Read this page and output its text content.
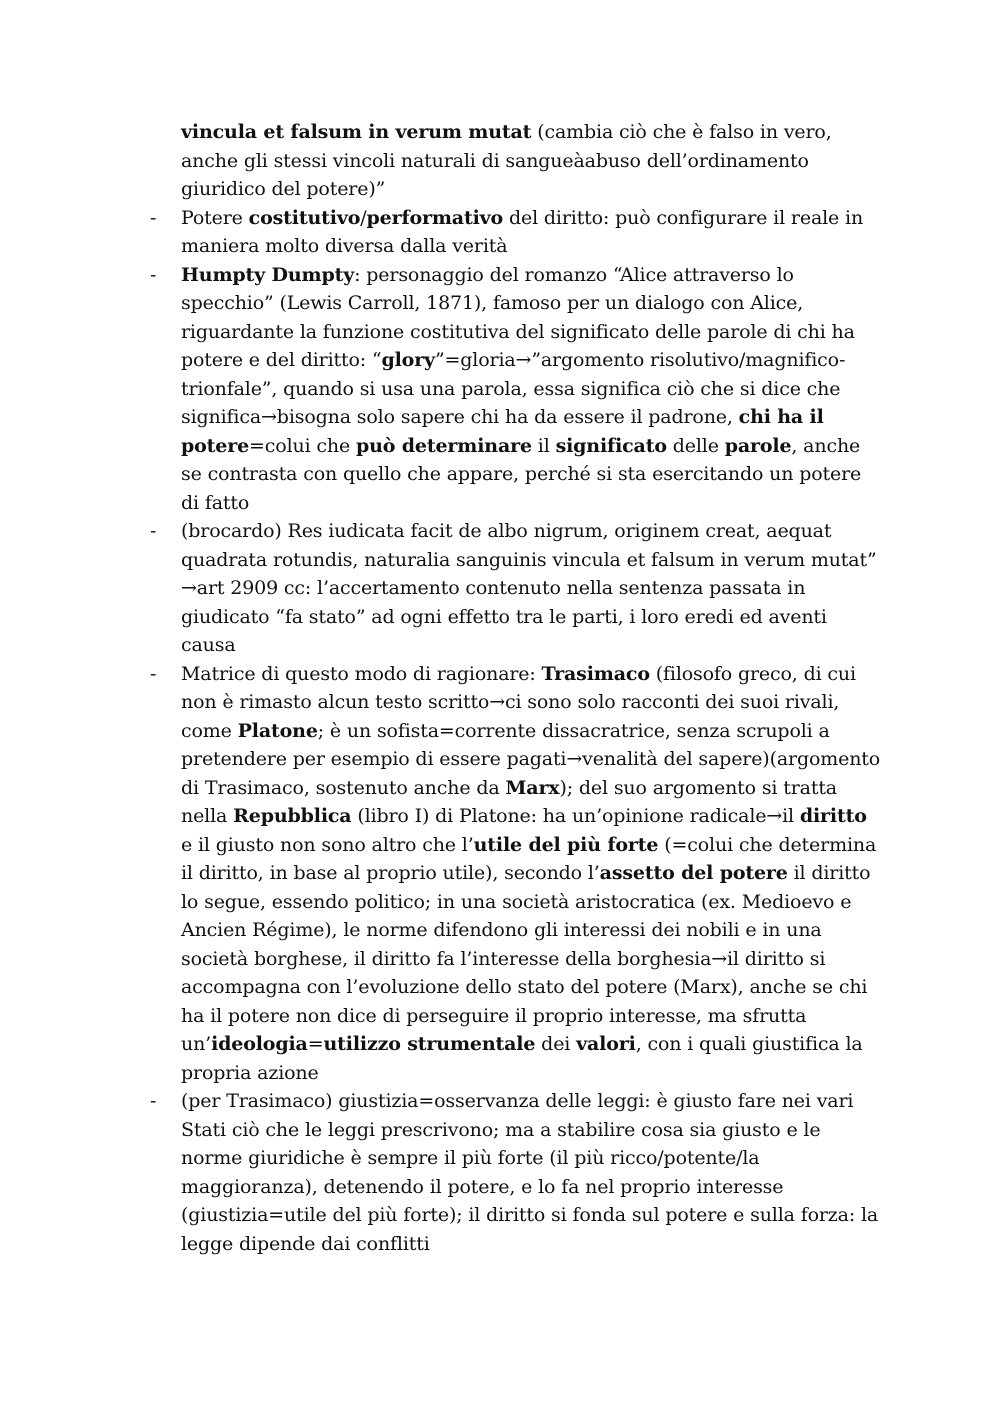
vincula et falsum in verum mutat (cambia ciò che è falso in vero, anche gli stessi vincoli naturali di sangueàabuso dell’ordinamento giuridico del potere)”

- Potere costitutivo/performativo del diritto: può configurare il reale in maniera molto diversa dalla verità
- Humpty Dumpty: personaggio del romanzo “Alice attraverso lo specchio” (Lewis Carroll, 1871), famoso per un dialogo con Alice, riguardante la funzione costitutiva del significato delle parole di chi ha potere e del diritto: “glory”=gloria→”argomento risolutivo/magnifico-trionfale”, quando si usa una parola, essa significa ciò che si dice che significa→bisogna solo sapere chi ha da essere il padrone, chi ha il potere=colui che può determinare il significato delle parole, anche se contrasta con quello che appare, perché si sta esercitando un potere di fatto
- (brocardo) Res iudicata facit de albo nigrum, originem creat, aequat quadrata rotundis, naturalia sanguinis vincula et falsum in verum mutat” →art 2909 cc: l’accertamento contenuto nella sentenza passata in giudicato “fa stato” ad ogni effetto tra le parti, i loro eredi ed aventi causa
- Matrice di questo modo di ragionare: Trasimaco (filosofo greco, di cui non è rimasto alcun testo scritto→ci sono solo racconti dei suoi rivali, come Platone; è un sofista=corrente dissacratrice, senza scrupoli a pretendere per esempio di essere pagati→venalità del sapere)(argomento di Trasimaco, sostenuto anche da Marx); del suo argomento si tratta nella Repubblica (libro I) di Platone: ha un’opinione radicale→il diritto e il giusto non sono altro che l’utile del più forte (=colui che determina il diritto, in base al proprio utile), secondo l’assetto del potere il diritto lo segue, essendo politico; in una società aristocratica (ex. Medioevo e Ancien Régime), le norme difendono gli interessi dei nobili e in una società borghese, il diritto fa l’interesse della borghesia→il diritto si accompagna con l’evoluzione dello stato del potere (Marx), anche se chi ha il potere non dice di perseguire il proprio interesse, ma sfrutta un’ideologia=utilizzo strumentale dei valori, con i quali giustifica la propria azione
- (per Trasimaco) giustizia=osservanza delle leggi: è giusto fare nei vari Stati ciò che le leggi prescrivono; ma a stabilire cosa sia giusto e le norme giuridiche è sempre il più forte (il più ricco/potente/la maggioranza), detenendo il potere, e lo fa nel proprio interesse (giustizia=utile del più forte); il diritto si fonda sul potere e sulla forza: la legge dipende dai conflitti
